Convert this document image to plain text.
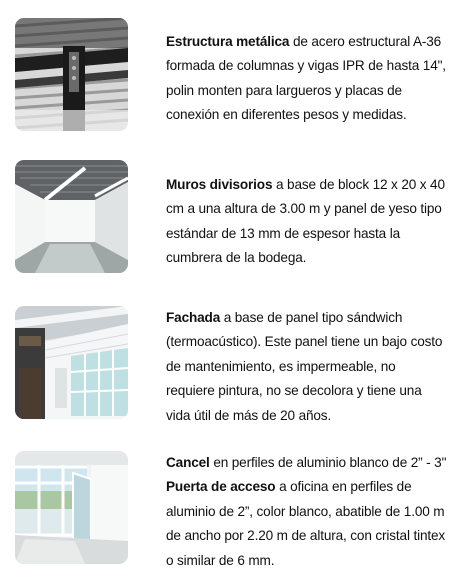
Estructura metálica de acero estructural A-36
formada de columnas y vigas IPR de hasta 14",
polin monten para largueros y placas de
conexión en diferentes pesos y medidas.
Muros divisorios a base de block 12 x 20 x 40
cm a una altura de 3.00 m y panel de yeso tipo
estándar de 13 mm de espesor hasta la
cumbrera de la bodega.
Fachada a base de panel tipo sándwich
(termoacústico). Este panel tiene un bajo costo
de mantenimiento, es impermeable, no
requiere pintura, no se decolora y tiene una
vida útil de más de 20 años.
Cancel en perfiles de aluminio blanco de 2” - 3"
Puerta de acceso a oficina en perfiles de
aluminio de 2”, color blanco, abatible de 1.00 m
de ancho por 2.20 m de altura, con cristal tintex
o similar de 6 mm.
